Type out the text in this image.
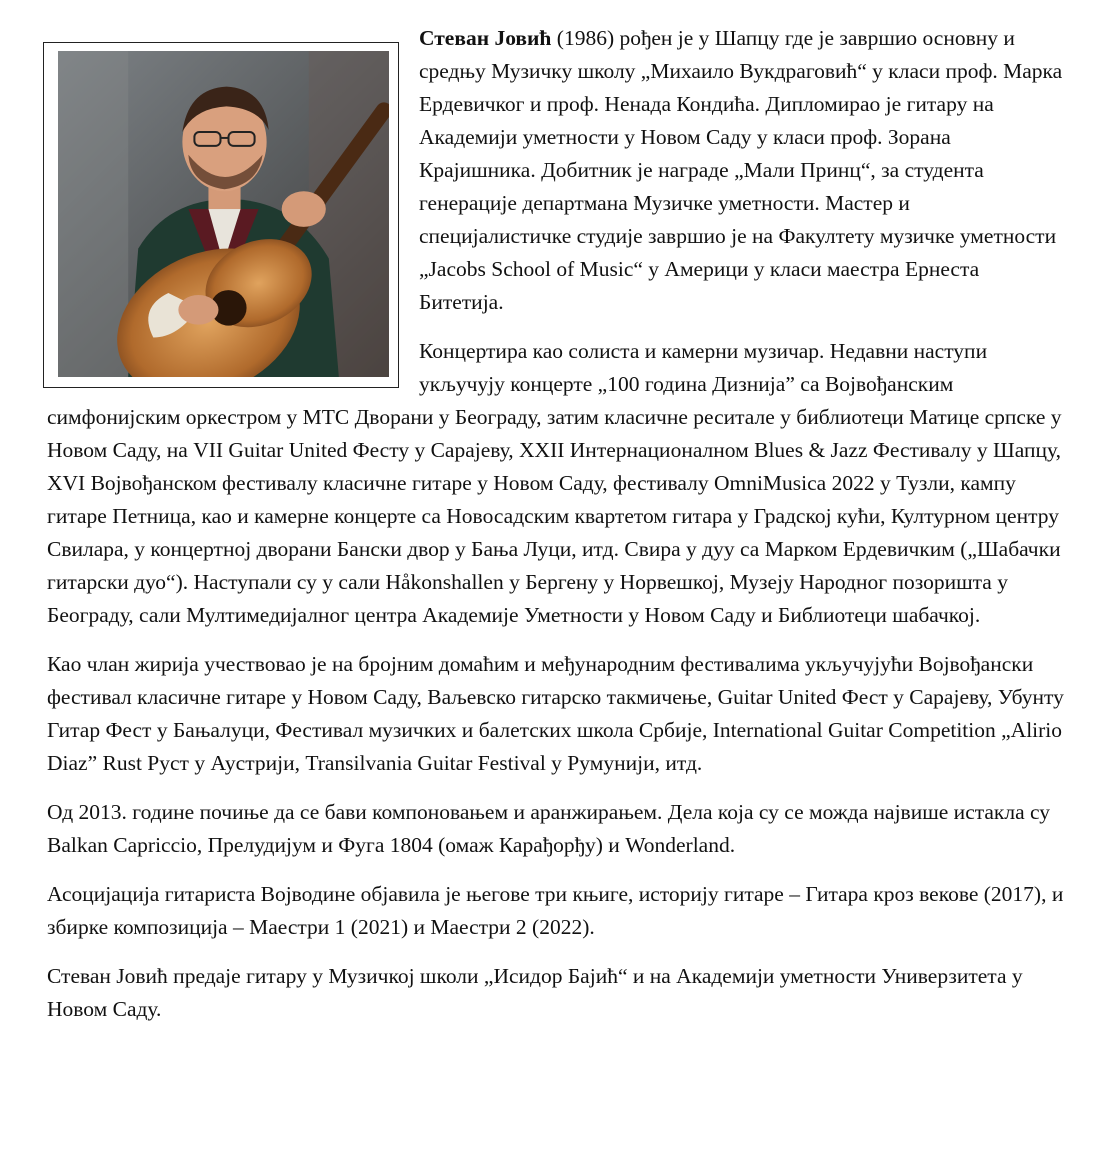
Стеван Јовић (1986) рођен је у Шапцу где је завршио основну и средњу Музичку школу „Михаило Вукдраговић“ у класи проф. Марка Ердевичког и проф. Ненада Кондића. Дипломирао је гитару на Академији уметности у Новом Саду у класи проф. Зорана Крајишника. Добитник је награде „Мали Принц“, за студента генерације департмана Музичке уметности. Мастер и специјалистичке студије завршио је на Факултету музичке уметности „Jacobs School of Music“ у Америци у класи маестра Ернеста Битетија.

Концертира као солиста и камерни музичар. Недавни наступи укључују концерте „100 година Дизнија” са Војвођанским симфонијским оркестром у МТС Дворани у Београду, затим класичне реситале у библиотеци Матице српске у Новом Саду, на VII Guitar United Фесту у Сарајеву, XXII Интернационалном Blues & Jazz Фестивалу у Шапцу, XVI Војвођанском фестивалу класичне гитаре у Новом Саду, фестивалу OmniMusica 2022 у Тузли, кампу гитаре Петница, као и камерне концерте са Новосадским квартетом гитара у Градској кући, Културном центру Свилара, у концертној дворани Бански двор у Бањa Луци, итд. Свира у дуу са Марком Ердевичким („Шабачки гитарски дуо“). Наступали су у сали Håkonshallen у Бергену у Норвешкој, Музеју Народног позоришта у Београду, сали Мултимедијалног центра Академије Уметности у Новом Саду и Библиотеци шабачкој.

Као члан жирија учествовао је на бројним домаћим и међународним фестивалима укључујући Војвођански фестивал класичне гитаре у Новом Саду, Ваљевско гитарско такмичење, Guitar United Фест у Сарајеву, Убунту Гитар Фест у Бањалуци, Фестивал музичких и балетских школа Србије, International Guitar Competition „Alirio Diaz” Rust Руст у Аустрији, Transilvania Guitar Festival у Румунији, итд.

Од 2013. године почиње да се бави компоновањем и аранжирањем. Дела која су се можда највише истакла су Balkan Capriccio, Прелудијум и Фуга 1804 (омаж Карађорђу) и Wonderland.

Асоцијација гитариста Војводине објавила је његове три књиге, историју гитаре – Гитара кроз векове (2017), и збирке композиција – Маестри 1 (2021) и Маестри 2 (2022).

Стеван Јовић предаје гитару у Музичкој школи „Исидор Бајић“ и на Академији уметности Универзитета у Новом Саду.
